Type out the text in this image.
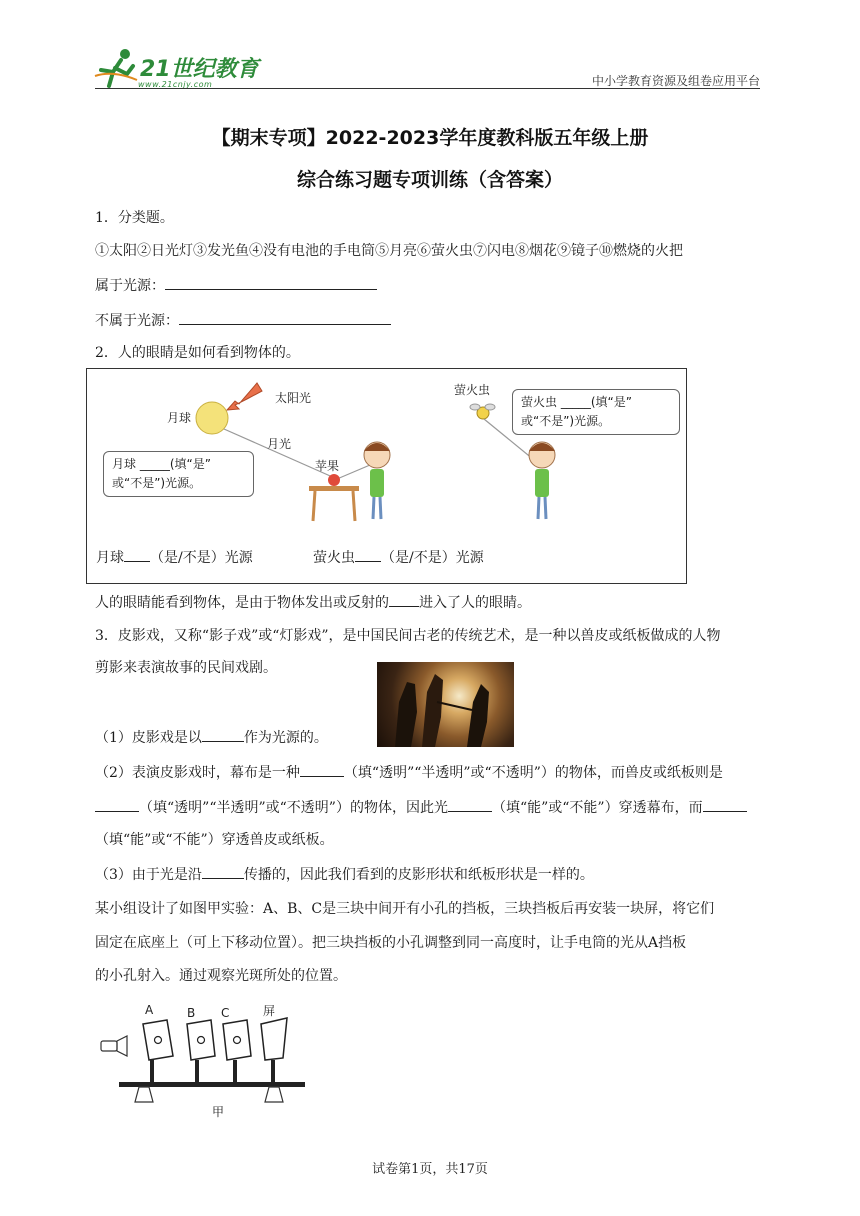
21世纪教育
www.21cnjy.com	中小学教育资源及组卷应用平台
【期末专项】2022-2023学年度教科版五年级上册
综合练习题专项训练（含答案）
1．分类题。
①太阳②日光灯③发光鱼④没有电池的手电筒⑤月亮⑥萤火虫⑦闪电⑧烟花⑨镜子⑩燃烧的火把
属于光源：
不属于光源：
2．人的眼睛是如何看到物体的。
太阳光
月球
月光
苹果
萤火虫
月球 _____(填“是”
或“不是”)光源。
萤火虫 _____(填“是”
或“不是”)光源。
月球 （是/不是）光源	萤火虫 （是/不是）光源
人的眼睛能看到物体，是由于物体发出或反射的 进入了人的眼睛。
3．皮影戏，又称“影子戏”或“灯影戏”，是中国民间古老的传统艺术，是一种以兽皮或纸板做成的人物
剪影来表演故事的民间戏剧。
（1）皮影戏是以	作为光源的。
（2）表演皮影戏时，幕布是一种	（填“透明”“半透明”或“不透明”）的物体，而兽皮或纸板则是
（填“透明”“半透明”或“不透明”）的物体，因此光	（填“能”或“不能”）穿透幕布，而
（填“能”或“不能”）穿透兽皮或纸板。
（3）由于光是沿	传播的，因此我们看到的皮影形状和纸板形状是一样的。
某小组设计了如图甲实验：A、B、C是三块中间开有小孔的挡板，三块挡板后再安装一块屏，将它们
固定在底座上（可上下移动位置）。把三块挡板的小孔调整到同一高度时，让手电筒的光从A挡板
的小孔射入。通过观察光斑所处的位置。
A	B C	屏
甲
试卷第1页，共17页
